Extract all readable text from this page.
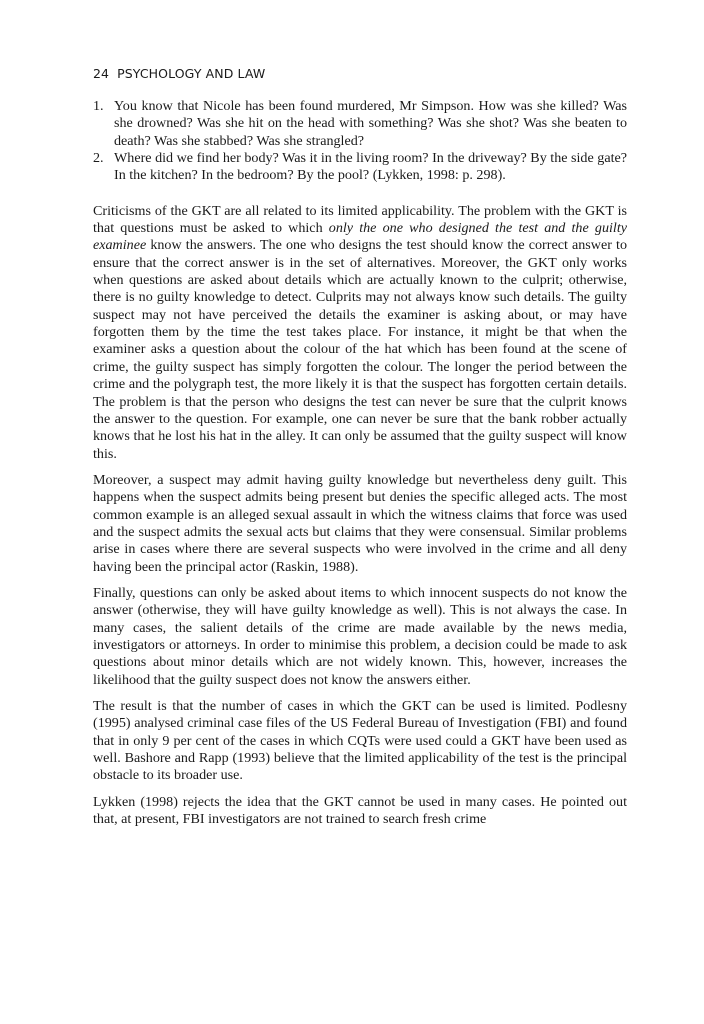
24 PSYCHOLOGY AND LAW
1. You know that Nicole has been found murdered, Mr Simpson. How was she killed? Was she drowned? Was she hit on the head with something? Was she shot? Was she beaten to death? Was she stabbed? Was she strangled?
2. Where did we find her body? Was it in the living room? In the driveway? By the side gate? In the kitchen? In the bedroom? By the pool? (Lykken, 1998: p. 298).

Criticisms of the GKT are all related to its limited applicability. The problem with the GKT is that questions must be asked to which only the one who designed the test and the guilty examinee know the answers. The one who designs the test should know the correct answer to ensure that the correct answer is in the set of alternatives. Moreover, the GKT only works when questions are asked about details which are actually known to the culprit; otherwise, there is no guilty knowledge to detect. Culprits may not always know such details. The guilty suspect may not have perceived the details the examiner is asking about, or may have forgotten them by the time the test takes place. For instance, it might be that when the examiner asks a question about the colour of the hat which has been found at the scene of crime, the guilty suspect has simply forgotten the colour. The longer the period between the crime and the polygraph test, the more likely it is that the suspect has forgotten certain details. The problem is that the person who designs the test can never be sure that the culprit knows the answer to the question. For example, one can never be sure that the bank robber actually knows that he lost his hat in the alley. It can only be assumed that the guilty suspect will know this.

Moreover, a suspect may admit having guilty knowledge but nevertheless deny guilt. This happens when the suspect admits being present but denies the specific alleged acts. The most common example is an alleged sexual assault in which the witness claims that force was used and the suspect admits the sexual acts but claims that they were consensual. Similar problems arise in cases where there are several suspects who were involved in the crime and all deny having been the principal actor (Raskin, 1988).

Finally, questions can only be asked about items to which innocent suspects do not know the answer (otherwise, they will have guilty knowledge as well). This is not always the case. In many cases, the salient details of the crime are made available by the news media, investigators or attorneys. In order to minimise this problem, a decision could be made to ask questions about minor details which are not widely known. This, however, increases the likelihood that the guilty suspect does not know the answers either.

The result is that the number of cases in which the GKT can be used is limited. Podlesny (1995) analysed criminal case files of the US Federal Bureau of Investigation (FBI) and found that in only 9 per cent of the cases in which CQTs were used could a GKT have been used as well. Bashore and Rapp (1993) believe that the limited applicability of the test is the principal obstacle to its broader use.

Lykken (1998) rejects the idea that the GKT cannot be used in many cases. He pointed out that, at present, FBI investigators are not trained to search fresh crime
